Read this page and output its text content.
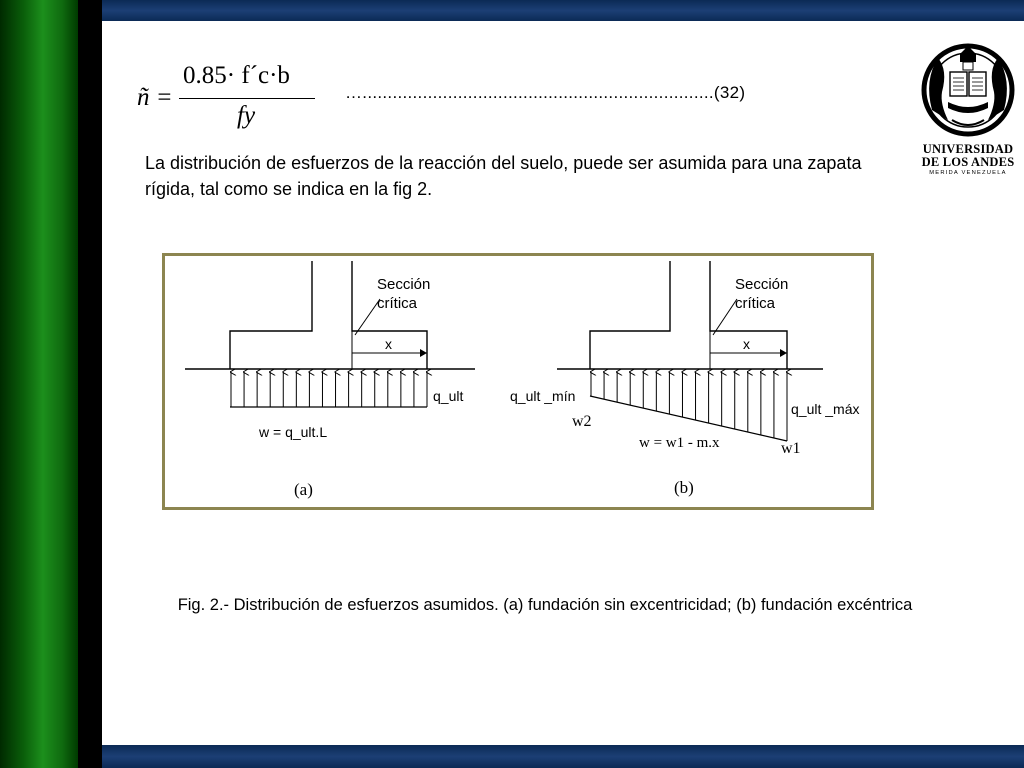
ñ =
0.85· f´c·b
fy
…......................................................................(32)
La distribución de esfuerzos de la reacción del suelo, puede ser asumida para una zapata rígida, tal como se indica en la fig 2.
Sección
crítica
x
q_ult
w = q_ult.L
(a)
Sección
crítica
x
q_ult _mín
q_ult _máx
w2
w1
w = w1 - m.x
(b)
Fig. 2.- Distribución de esfuerzos asumidos. (a) fundación sin excentricidad; (b) fundación excéntrica
UNIVERSIDAD
DE LOS ANDES
MERIDA VENEZUELA
